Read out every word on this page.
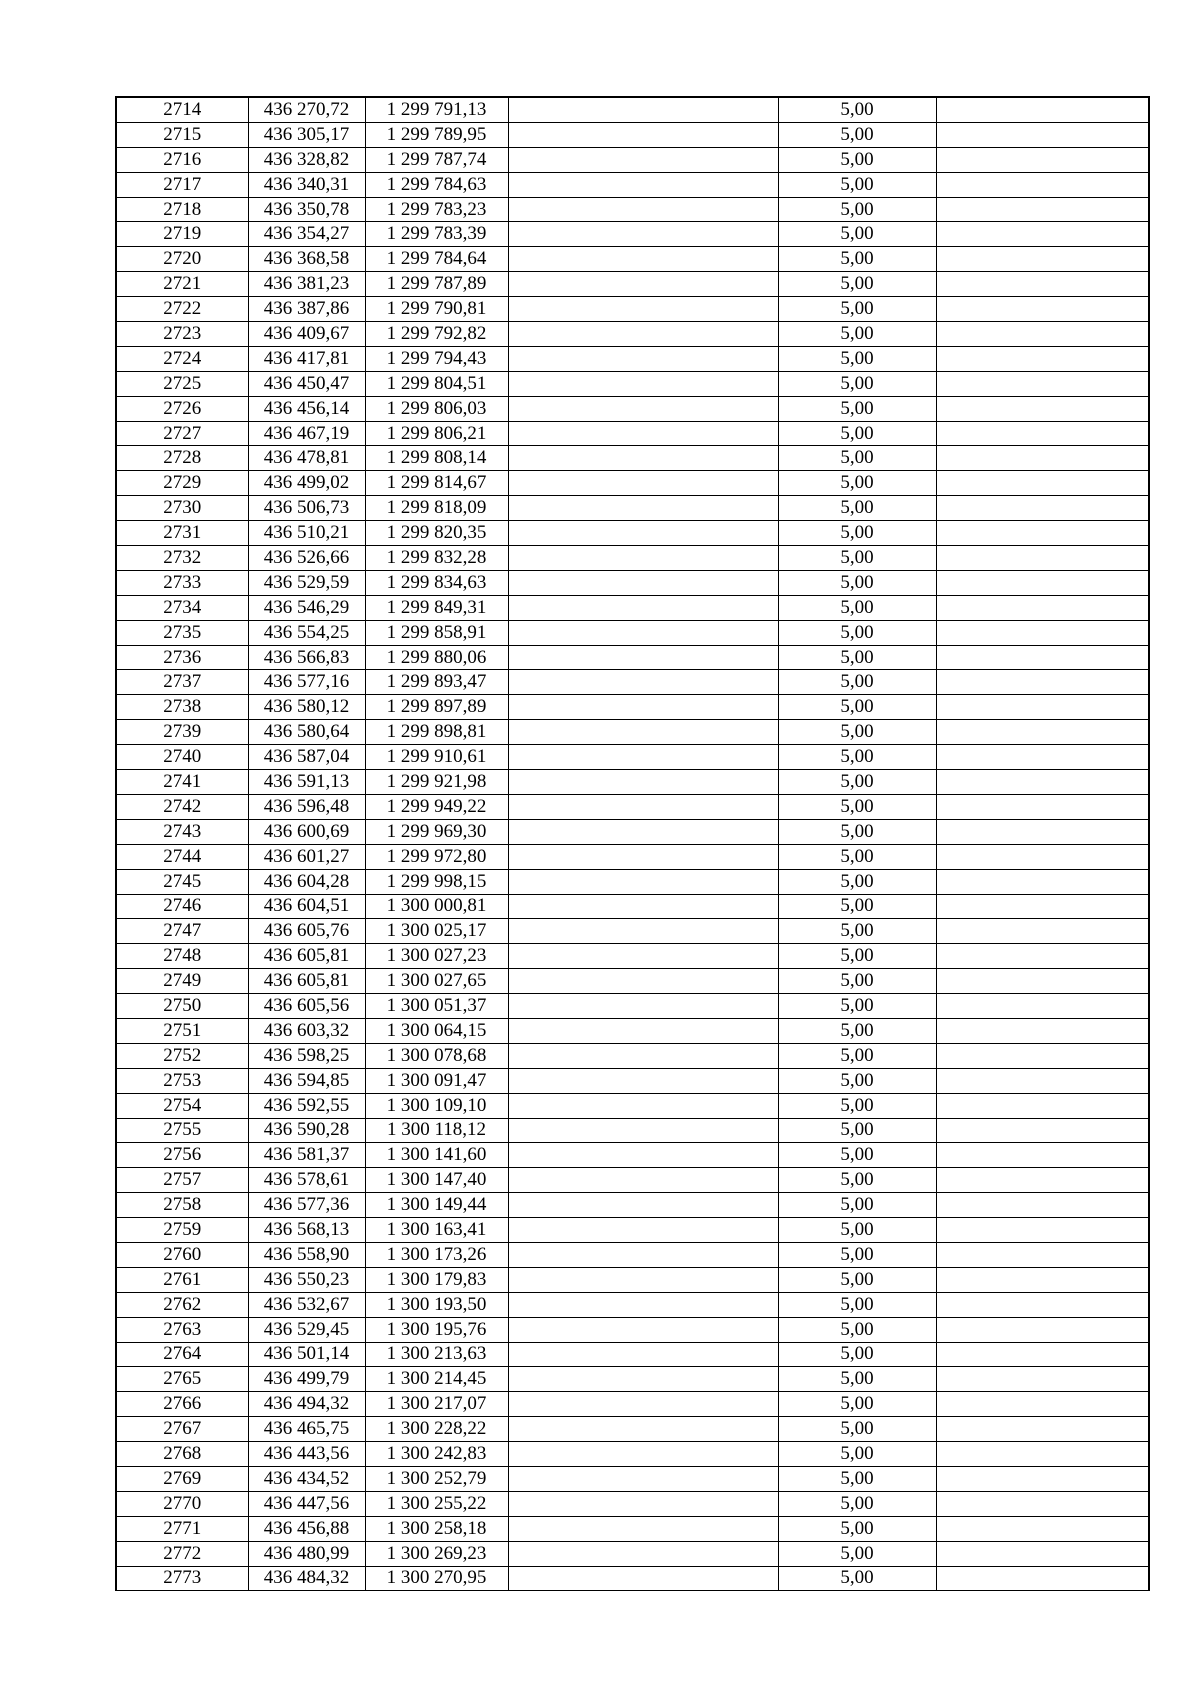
2714	436 270,72	1 299 791,13		5,00	
2715	436 305,17	1 299 789,95		5,00	
2716	436 328,82	1 299 787,74		5,00	
2717	436 340,31	1 299 784,63		5,00	
2718	436 350,78	1 299 783,23		5,00	
2719	436 354,27	1 299 783,39		5,00	
2720	436 368,58	1 299 784,64		5,00	
2721	436 381,23	1 299 787,89		5,00	
2722	436 387,86	1 299 790,81		5,00	
2723	436 409,67	1 299 792,82		5,00	
2724	436 417,81	1 299 794,43		5,00	
2725	436 450,47	1 299 804,51		5,00	
2726	436 456,14	1 299 806,03		5,00	
2727	436 467,19	1 299 806,21		5,00	
2728	436 478,81	1 299 808,14		5,00	
2729	436 499,02	1 299 814,67		5,00	
2730	436 506,73	1 299 818,09		5,00	
2731	436 510,21	1 299 820,35		5,00	
2732	436 526,66	1 299 832,28		5,00	
2733	436 529,59	1 299 834,63		5,00	
2734	436 546,29	1 299 849,31		5,00	
2735	436 554,25	1 299 858,91		5,00	
2736	436 566,83	1 299 880,06		5,00	
2737	436 577,16	1 299 893,47		5,00	
2738	436 580,12	1 299 897,89		5,00	
2739	436 580,64	1 299 898,81		5,00	
2740	436 587,04	1 299 910,61		5,00	
2741	436 591,13	1 299 921,98		5,00	
2742	436 596,48	1 299 949,22		5,00	
2743	436 600,69	1 299 969,30		5,00	
2744	436 601,27	1 299 972,80		5,00	
2745	436 604,28	1 299 998,15		5,00	
2746	436 604,51	1 300 000,81		5,00	
2747	436 605,76	1 300 025,17		5,00	
2748	436 605,81	1 300 027,23		5,00	
2749	436 605,81	1 300 027,65		5,00	
2750	436 605,56	1 300 051,37		5,00	
2751	436 603,32	1 300 064,15		5,00	
2752	436 598,25	1 300 078,68		5,00	
2753	436 594,85	1 300 091,47		5,00	
2754	436 592,55	1 300 109,10		5,00	
2755	436 590,28	1 300 118,12		5,00	
2756	436 581,37	1 300 141,60		5,00	
2757	436 578,61	1 300 147,40		5,00	
2758	436 577,36	1 300 149,44		5,00	
2759	436 568,13	1 300 163,41		5,00	
2760	436 558,90	1 300 173,26		5,00	
2761	436 550,23	1 300 179,83		5,00	
2762	436 532,67	1 300 193,50		5,00	
2763	436 529,45	1 300 195,76		5,00	
2764	436 501,14	1 300 213,63		5,00	
2765	436 499,79	1 300 214,45		5,00	
2766	436 494,32	1 300 217,07		5,00	
2767	436 465,75	1 300 228,22		5,00	
2768	436 443,56	1 300 242,83		5,00	
2769	436 434,52	1 300 252,79		5,00	
2770	436 447,56	1 300 255,22		5,00	
2771	436 456,88	1 300 258,18		5,00	
2772	436 480,99	1 300 269,23		5,00	
2773	436 484,32	1 300 270,95		5,00	
